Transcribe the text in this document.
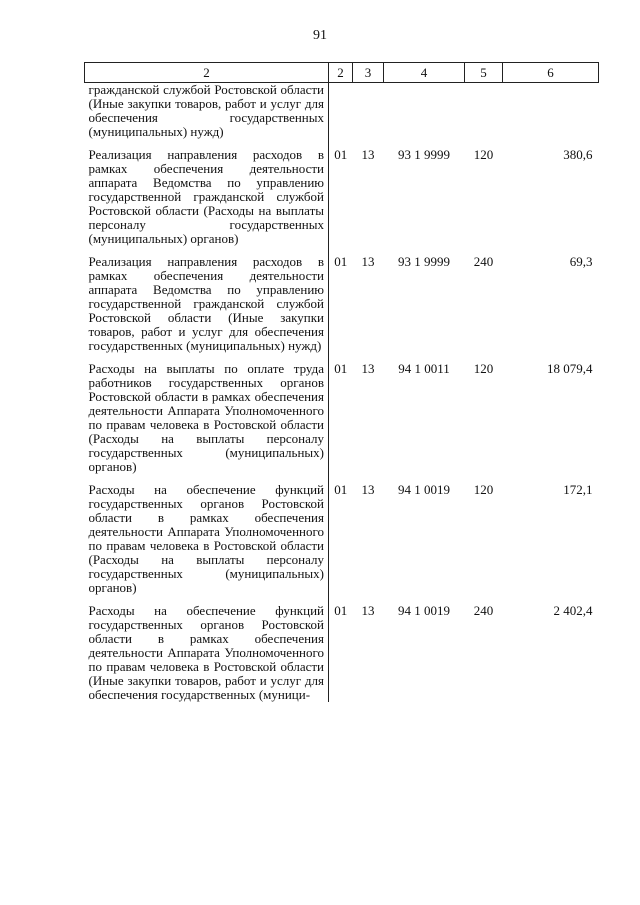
91
2	2	3	4	5	6
гражданской службой Ростовской области (Иные закупки товаров, работ и услуг для обеспечения государственных (муниципальных) нужд)					

Реализация направления расходов в рамках обеспечения деятельности аппарата Ведомства по управлению государственной гражданской службой Ростовской области (Расходы на выплаты персоналу государственных (муниципальных) органов)	01	13	93 1 9999	120	380,6

Реализация направления расходов в рамках обеспечения деятельности аппарата Ведомства по управлению государственной гражданской службой Ростовской области (Иные закупки товаров, работ и услуг для обеспечения государственных (муниципальных) нужд)	01	13	93 1 9999	240	69,3

Расходы на выплаты по оплате труда работников государственных органов Ростовской области в рамках обеспечения деятельности Аппарата Уполномоченного по правам человека в Ростовской области (Расходы на выплаты персоналу государственных (муниципальных) органов)	01	13	94 1 0011	120	18 079,4

Расходы на обеспечение функций государственных органов Ростовской области в рамках обеспечения деятельности Аппарата Уполномоченного по правам человека в Ростовской области (Расходы на выплаты персоналу государственных (муниципальных) органов)	01	13	94 1 0019	120	172,1

Расходы на обеспечение функций государственных органов Ростовской области в рамках обеспечения деятельности Аппарата Уполномоченного по правам человека в Ростовской области (Иные закупки товаров, работ и услуг для обеспечения государственных (муници-	01	13	94 1 0019	240	2 402,4
